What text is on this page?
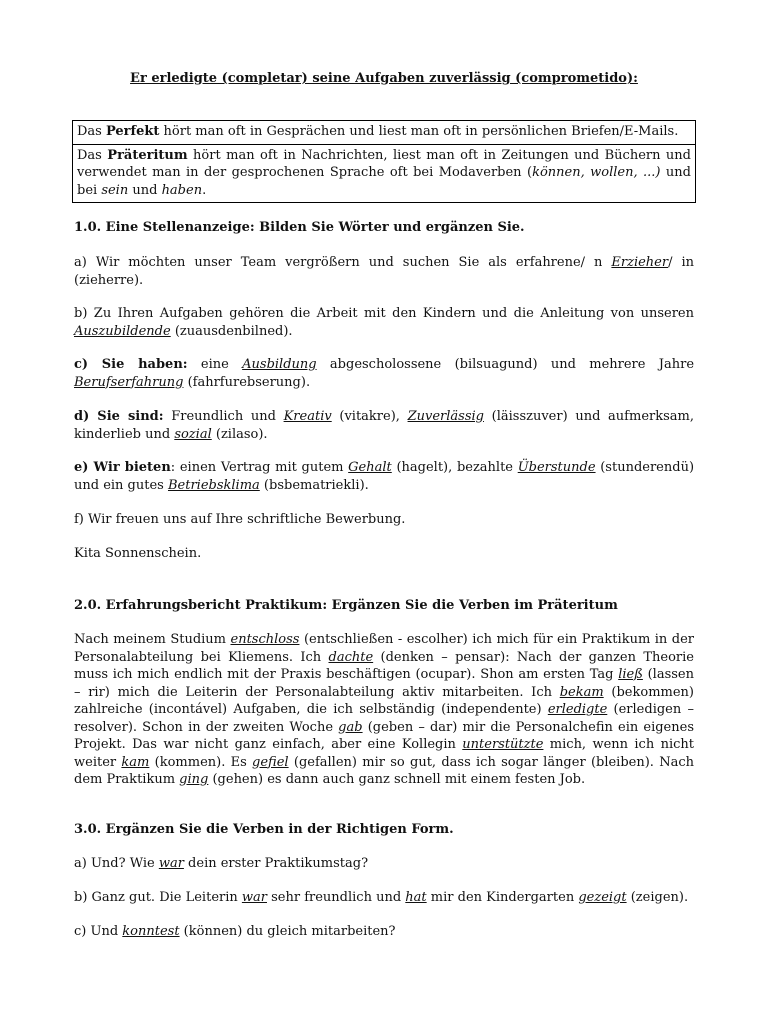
Er erledigte (completar) seine Aufgaben zuverlässig (comprometido):
Das Perfekt hört man oft in Gesprächen und liest man oft in persönlichen Briefen/E-Mails.
Das Präteritum hört man oft in Nachrichten, liest man oft in Zeitungen und Büchern und verwendet man in der gesprochenen Sprache oft bei Modaverben (können, wollen, ...) und bei sein und haben.

1.0. Eine Stellenanzeige: Bilden Sie Wörter und ergänzen Sie.

a) Wir möchten unser Team vergrößern und suchen Sie als erfahrene/ n Erzieher/ in (zieherre).

b) Zu Ihren Aufgaben gehören die Arbeit mit den Kindern und die Anleitung von unseren Auszubildende (zuausdenbilned).

c) Sie haben: eine Ausbildung abgescholossene (bilsuagund) und mehrere Jahre Berufserfahrung (fahrfurebserung).

d) Sie sind: Freundlich und Kreativ (vitakre), Zuverlässig (läisszuver) und aufmerksam, kinderlieb und sozial (zilaso).

e) Wir bieten: einen Vertrag mit gutem Gehalt (hagelt), bezahlte Überstunde (stunderendü) und ein gutes Betriebsklima (bsbematriekli).

f) Wir freuen uns auf Ihre schriftliche Bewerbung.

Kita Sonnenschein.

2.0. Erfahrungsbericht Praktikum: Ergänzen Sie die Verben im Präteritum

Nach meinem Studium entschloss (entschließen - escolher) ich mich für ein Praktikum in der Personalabteilung bei Kliemens. Ich dachte (denken – pensar): Nach der ganzen Theorie muss ich mich endlich mit der Praxis beschäftigen (ocupar). Shon am ersten Tag ließ (lassen – rir) mich die Leiterin der Personalabteilung aktiv mitarbeiten. Ich bekam (bekommen) zahlreiche (incontável) Aufgaben, die ich selbständig (independente) erledigte (erledigen – resolver). Schon in der zweiten Woche gab (geben – dar) mir die Personalchefin ein eigenes Projekt. Das war nicht ganz einfach, aber eine Kollegin unterstützte mich, wenn ich nicht weiter kam (kommen). Es gefiel (gefallen) mir so gut, dass ich sogar länger (bleiben). Nach dem Praktikum ging (gehen) es dann auch ganz schnell mit einem festen Job.

3.0. Ergänzen Sie die Verben in der Richtigen Form.

a) Und? Wie war dein erster Praktikumstag?

b) Ganz gut. Die Leiterin war sehr freundlich und hat mir den Kindergarten gezeigt (zeigen).

c) Und konntest (können) du gleich mitarbeiten?
